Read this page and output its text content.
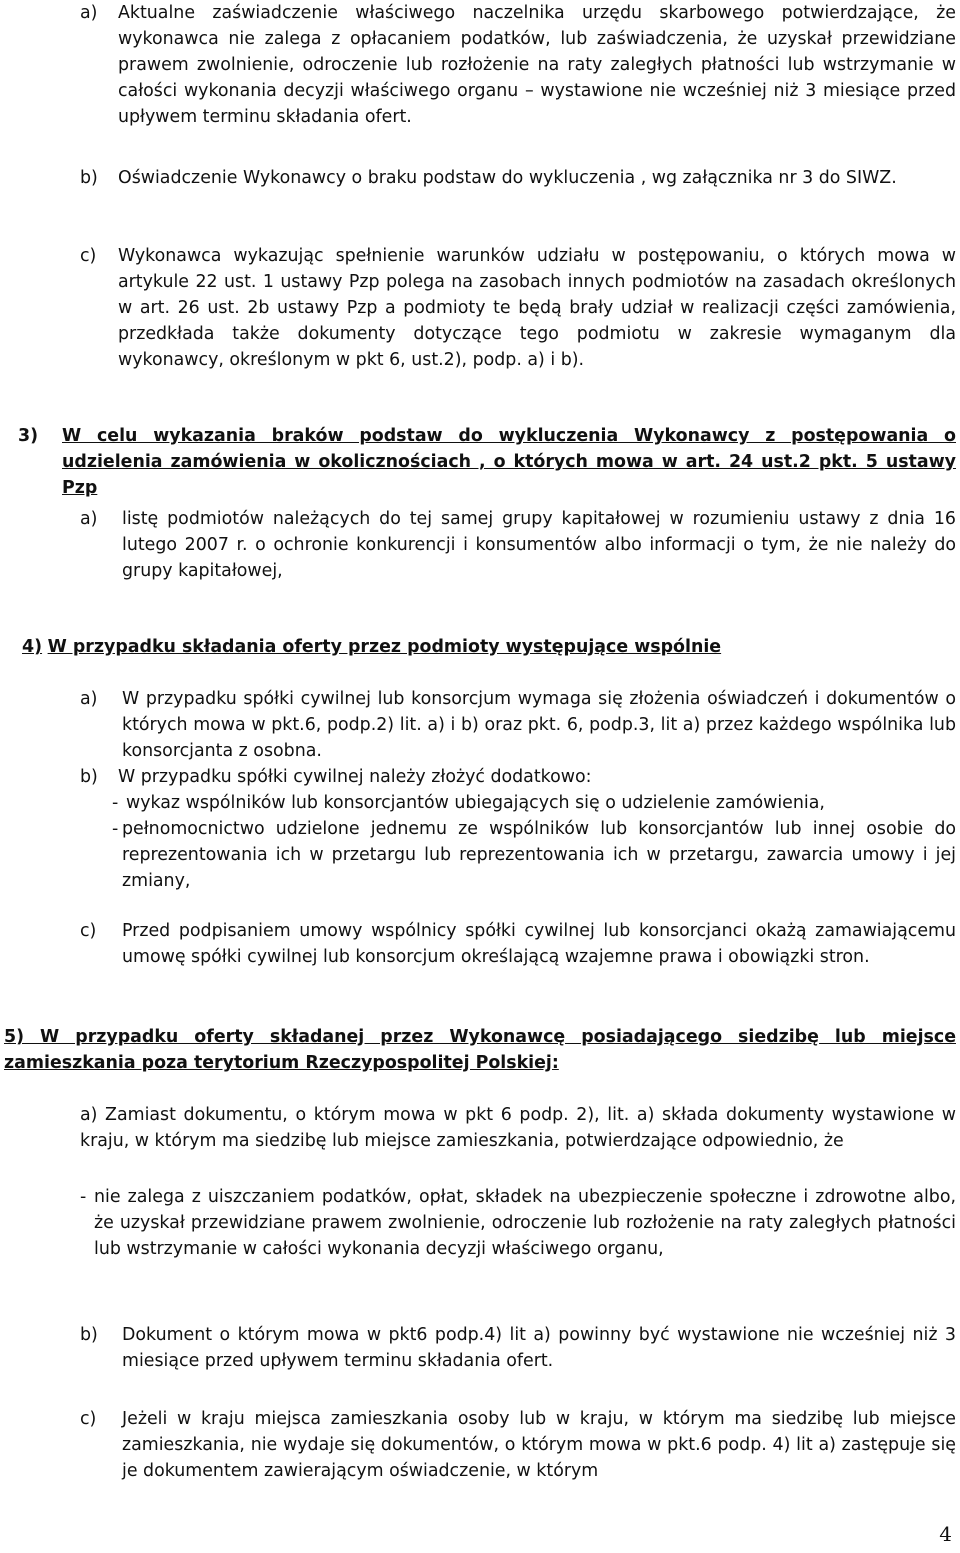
a) Aktualne zaświadczenie właściwego naczelnika urzędu skarbowego potwierdzające, że wykonawca nie zalega z opłacaniem podatków, lub zaświadczenia, że uzyskał przewidziane prawem zwolnienie, odroczenie lub rozłożenie na raty zaległych płatności lub wstrzymanie w całości wykonania decyzji właściwego organu – wystawione nie wcześniej niż 3 miesiące przed upływem terminu składania ofert.
b) Oświadczenie Wykonawcy o braku podstaw do wykluczenia , wg załącznika nr 3 do SIWZ.
c) Wykonawca wykazując spełnienie warunków udziału w postępowaniu, o których mowa w artykule 22 ust. 1 ustawy Pzp polega na zasobach innych podmiotów na zasadach określonych w art. 26 ust. 2b ustawy Pzp a podmioty te będą brały udział w realizacji części zamówienia, przedkłada także dokumenty dotyczące tego podmiotu w zakresie wymaganym dla wykonawcy, określonym w pkt 6, ust.2), podp. a) i b).
3) W celu wykazania braków podstaw do wykluczenia Wykonawcy z postępowania o udzielenia zamówienia w okolicznościach , o których mowa w art. 24 ust.2 pkt. 5 ustawy Pzp
a) listę podmiotów należących do tej samej grupy kapitałowej w rozumieniu ustawy z dnia 16 lutego 2007 r. o ochronie konkurencji i konsumentów albo informacji o tym, że nie należy do grupy kapitałowej,
4) W przypadku składania oferty przez podmioty występujące wspólnie
a) W przypadku spółki cywilnej lub konsorcjum wymaga się złożenia oświadczeń i dokumentów o których mowa w pkt.6, podp.2) lit. a) i b) oraz pkt. 6, podp.3, lit a) przez każdego wspólnika lub konsorcjanta z osobna.
b) W przypadku spółki cywilnej należy złożyć dodatkowo:
- wykaz wspólników lub konsorcjantów ubiegających się o udzielenie zamówienia,
- pełnomocnictwo udzielone jednemu ze wspólników lub konsorcjantów lub innej osobie do reprezentowania ich w przetargu lub reprezentowania ich w przetargu, zawarcia umowy i jej zmiany,
c) Przed podpisaniem umowy wspólnicy spółki cywilnej lub konsorcjanci okażą zamawiającemu umowę spółki cywilnej lub konsorcjum określającą wzajemne prawa i obowiązki stron.
5) W przypadku oferty składanej przez Wykonawcę posiadającego siedzibę lub miejsce zamieszkania poza terytorium Rzeczypospolitej Polskiej:
a) Zamiast dokumentu, o którym mowa w pkt 6 podp. 2), lit. a) składa dokumenty wystawione w kraju, w którym ma siedzibę lub miejsce zamieszkania, potwierdzające odpowiednio, że
- nie zalega z uiszczaniem podatków, opłat, składek na ubezpieczenie społeczne i zdrowotne albo, że uzyskał przewidziane prawem zwolnienie, odroczenie lub rozłożenie na raty zaległych płatności lub wstrzymanie w całości wykonania decyzji właściwego organu,
b) Dokument o którym mowa w pkt6 podp.4) lit a) powinny być wystawione nie wcześniej niż 3 miesiące przed upływem terminu składania ofert.
c) Jeżeli w kraju miejsca zamieszkania osoby lub w kraju, w którym ma siedzibę lub miejsce zamieszkania, nie wydaje się dokumentów, o którym mowa w pkt.6 podp. 4) lit a) zastępuje się je dokumentem zawierającym oświadczenie, w którym
4
